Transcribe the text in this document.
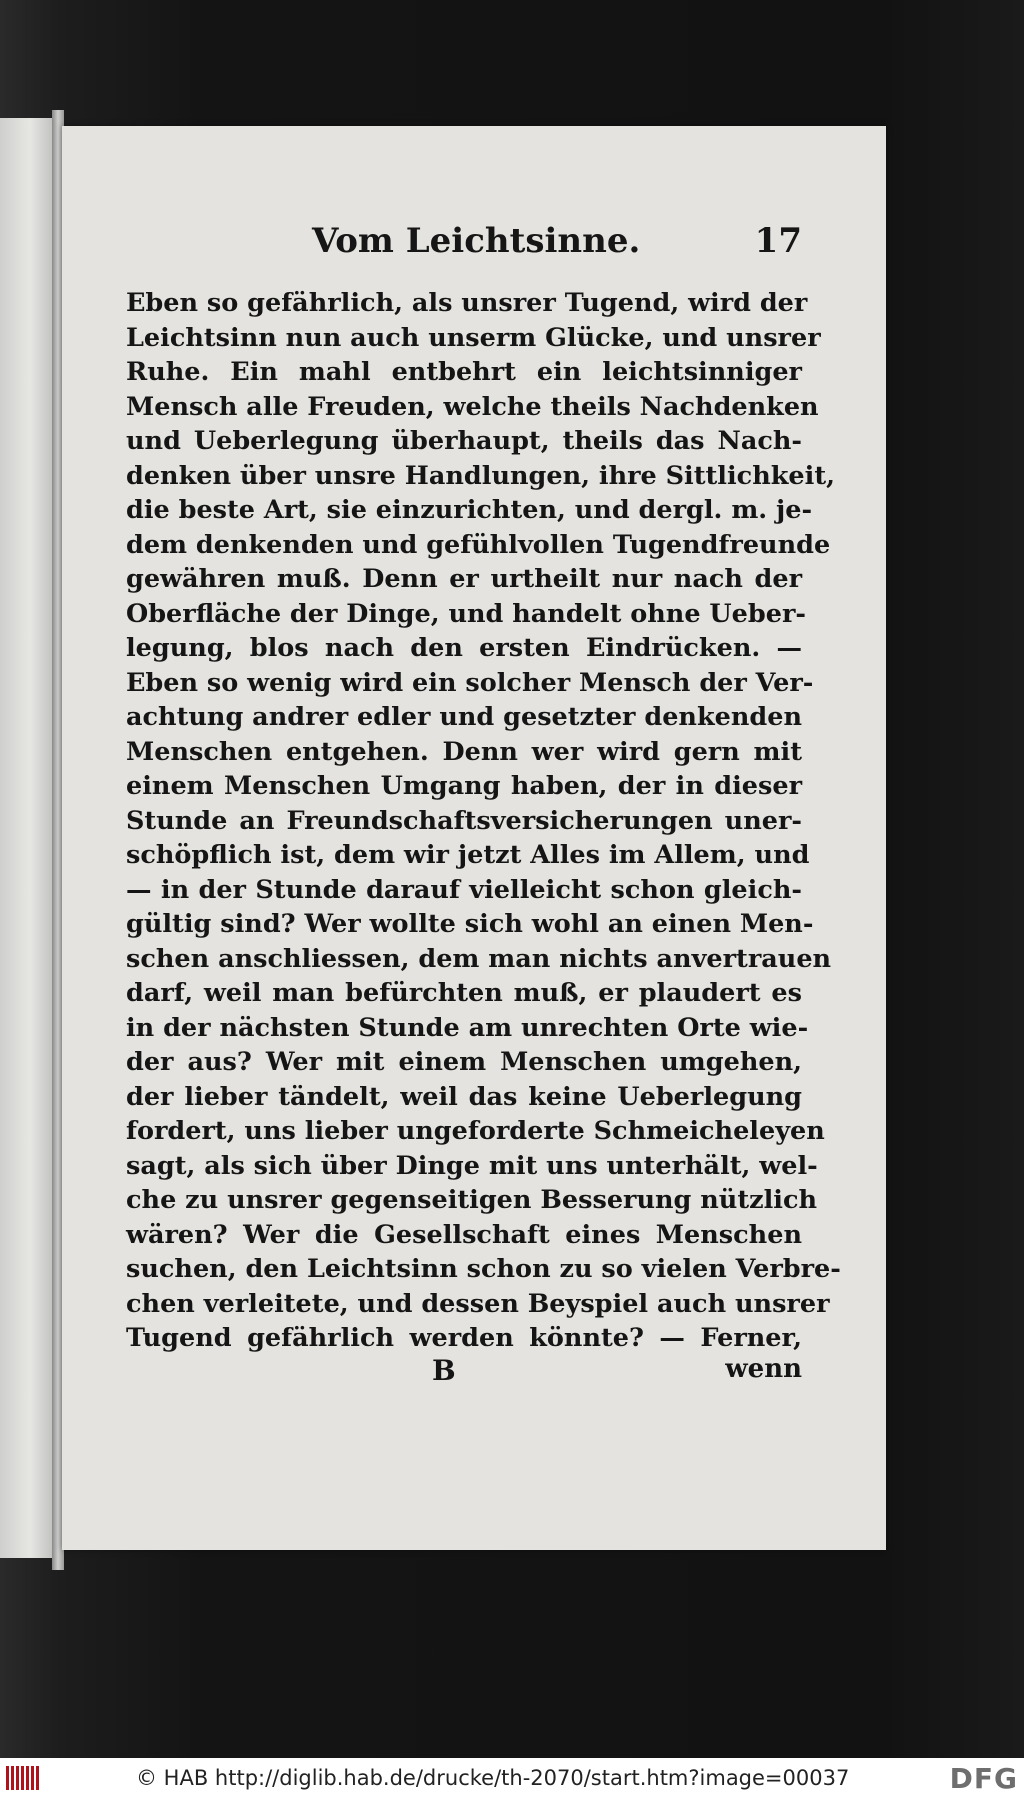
Vom Leichtsinne.	17
Eben so gefährlich, als unsrer Tugend, wird der
Leichtsinn nun auch unserm Glücke, und unsrer
Ruhe. Ein mahl entbehrt ein leichtsinniger
Mensch alle Freuden, welche theils Nachdenken
und Ueberlegung überhaupt, theils das Nach-
denken über unsre Handlungen, ihre Sittlichkeit,
die beste Art, sie einzurichten, und dergl. m. je-
dem denkenden und gefühlvollen Tugendfreunde
gewähren muß. Denn er urtheilt nur nach der
Oberfläche der Dinge, und handelt ohne Ueber-
legung, blos nach den ersten Eindrücken. —
Eben so wenig wird ein solcher Mensch der Ver-
achtung andrer edler und gesetzter denkenden
Menschen entgehen. Denn wer wird gern mit
einem Menschen Umgang haben, der in dieser
Stunde an Freundschaftsversicherungen uner-
schöpflich ist, dem wir jetzt Alles im Allem, und
— in der Stunde darauf vielleicht schon gleich-
gültig sind? Wer wollte sich wohl an einen Men-
schen anschliessen, dem man nichts anvertrauen
darf, weil man befürchten muß, er plaudert es
in der nächsten Stunde am unrechten Orte wie-
der aus? Wer mit einem Menschen umgehen,
der lieber tändelt, weil das keine Ueberlegung
fordert, uns lieber ungeforderte Schmeicheleyen
sagt, als sich über Dinge mit uns unterhält, wel-
che zu unsrer gegenseitigen Besserung nützlich
wären? Wer die Gesellschaft eines Menschen
suchen, den Leichtsinn schon zu so vielen Verbre-
chen verleitete, und dessen Beyspiel auch unsrer
Tugend gefährlich werden könnte? — Ferner,
B	wenn
© HAB http://diglib.hab.de/drucke/th-2070/start.htm?image=00037	DFG
